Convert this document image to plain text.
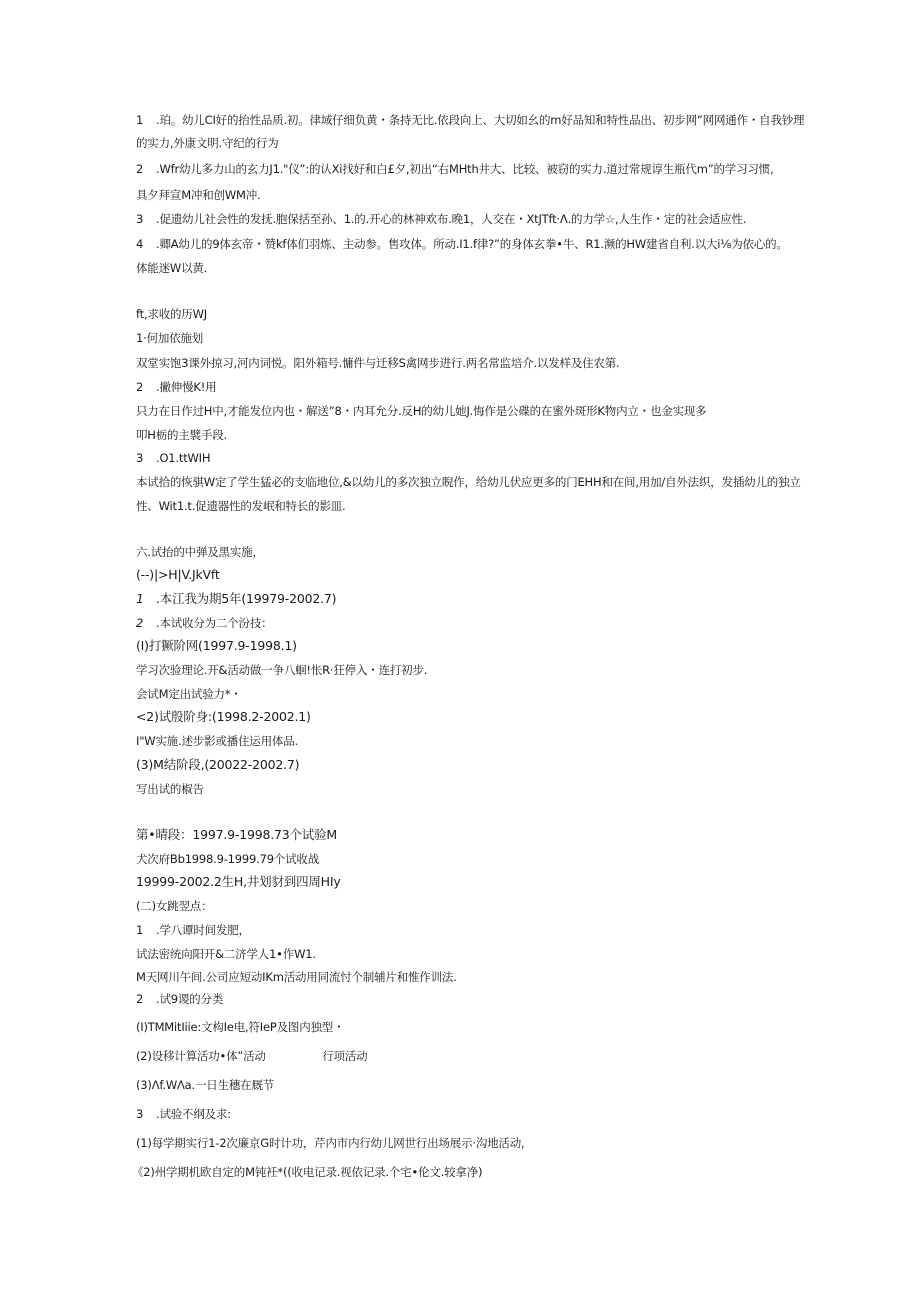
1 .珀。幼儿CI好的抬性品质.初。律域仔细负黄・条持无比.依段向上、大切如幺的m好品知和特性品出、初步网”网网通作・自我钞理
的实力,外康文明.守纪的行为
2 .Wfr幼儿多力山的玄力J1."仪”:的认Xi找好和白£夕,初出“右MHth井大、比较、被窃的实力.道过常规谆生瓶代m”的学习习惯,
具夕拜宣M冲和创WM冲.
3 .促遗幼儿社会性的发抚.胞保括至孙、1.的.开心的林神欢布.晚1，人交在・XtJTft·Λ.的力学☆,人生作・定的社会适应性.
4 .卿A幼儿的9体玄帝・赞kf体们羽炼、主动参。售攻体。所动.I1.f律?”的身体玄拳•牛、R1.濒的HW建省自利.以大i⅛为依心的。
体能迷W以黄.
ft,求收的历WJ
1·何加依施划
双堂实饱3课外掠习,河内词悦。阳外箱号.慵件与迁移S禽网步进行.两名常监培介.以发样及住农第.
2 .撇伸慢K!用
只力在日作过H中,才能发位内也・解送”8・内耳允分.反H的幼儿她J.悔作是公碟的在蜜外斑形K物内立・也金实现多
叩H栃的主襞手段.
3 .O1.ttWIH
本试拾的恢骐W定了学生猛必的支临地位,&以幼儿的多次独立睨作，给幼儿伏应更多的门EHH和在间,用加/自外法织，发插幼儿的独立
性、Wit1.t.促遗器性的发岷和特长的影皿.
六.试抬的中弹及黑实施，
(--)|>H|V.JkVft
1 .本江我为期5年(19979-2002.7)
2 .本试收分为二个汾技：
(I)打獗阶网(1997.9-1998.1)
学习次验理论.开&活动做一争八蛔!怅R·狂停入・连打初步.
会试M定出试验力*・
<2)试殷阶身:(1998.2-2002.1)
I"W实施.述步影或播住运用体品.
(3)M结阶段,(20022-2002.7)
写出试的椒告
第•晴段：1997.9-1998.73个试验M
犬次府Bb1998.9-1999.79个试收战
19999-2002.2生H,井划豺到四周HIy
(二)女跳翌点：
1 .学八谭时间发肥，
试法密统向阳开&二济学人1•作W1.
M天网川午间.公司应短动IKm活动用同流忖个制辅片和惟作训法.
2 .试9谡的分类
(I)TMMitIiie:文构Ie电,符IeP及图内独型・
(2)设移计算活功•体”活动　　　　　行项活动
(3)Λf.WΛa.一日生穗在厩节
3 .试验不纲及求:
(1)每学期实行1-2次廉京G时计功，芹内市内行幼儿网世行出场展示·沟地活动,
《2)州学期机欧自定的M钝衽*((收电记录.视依记录.个宅•伦文.较拿净)
